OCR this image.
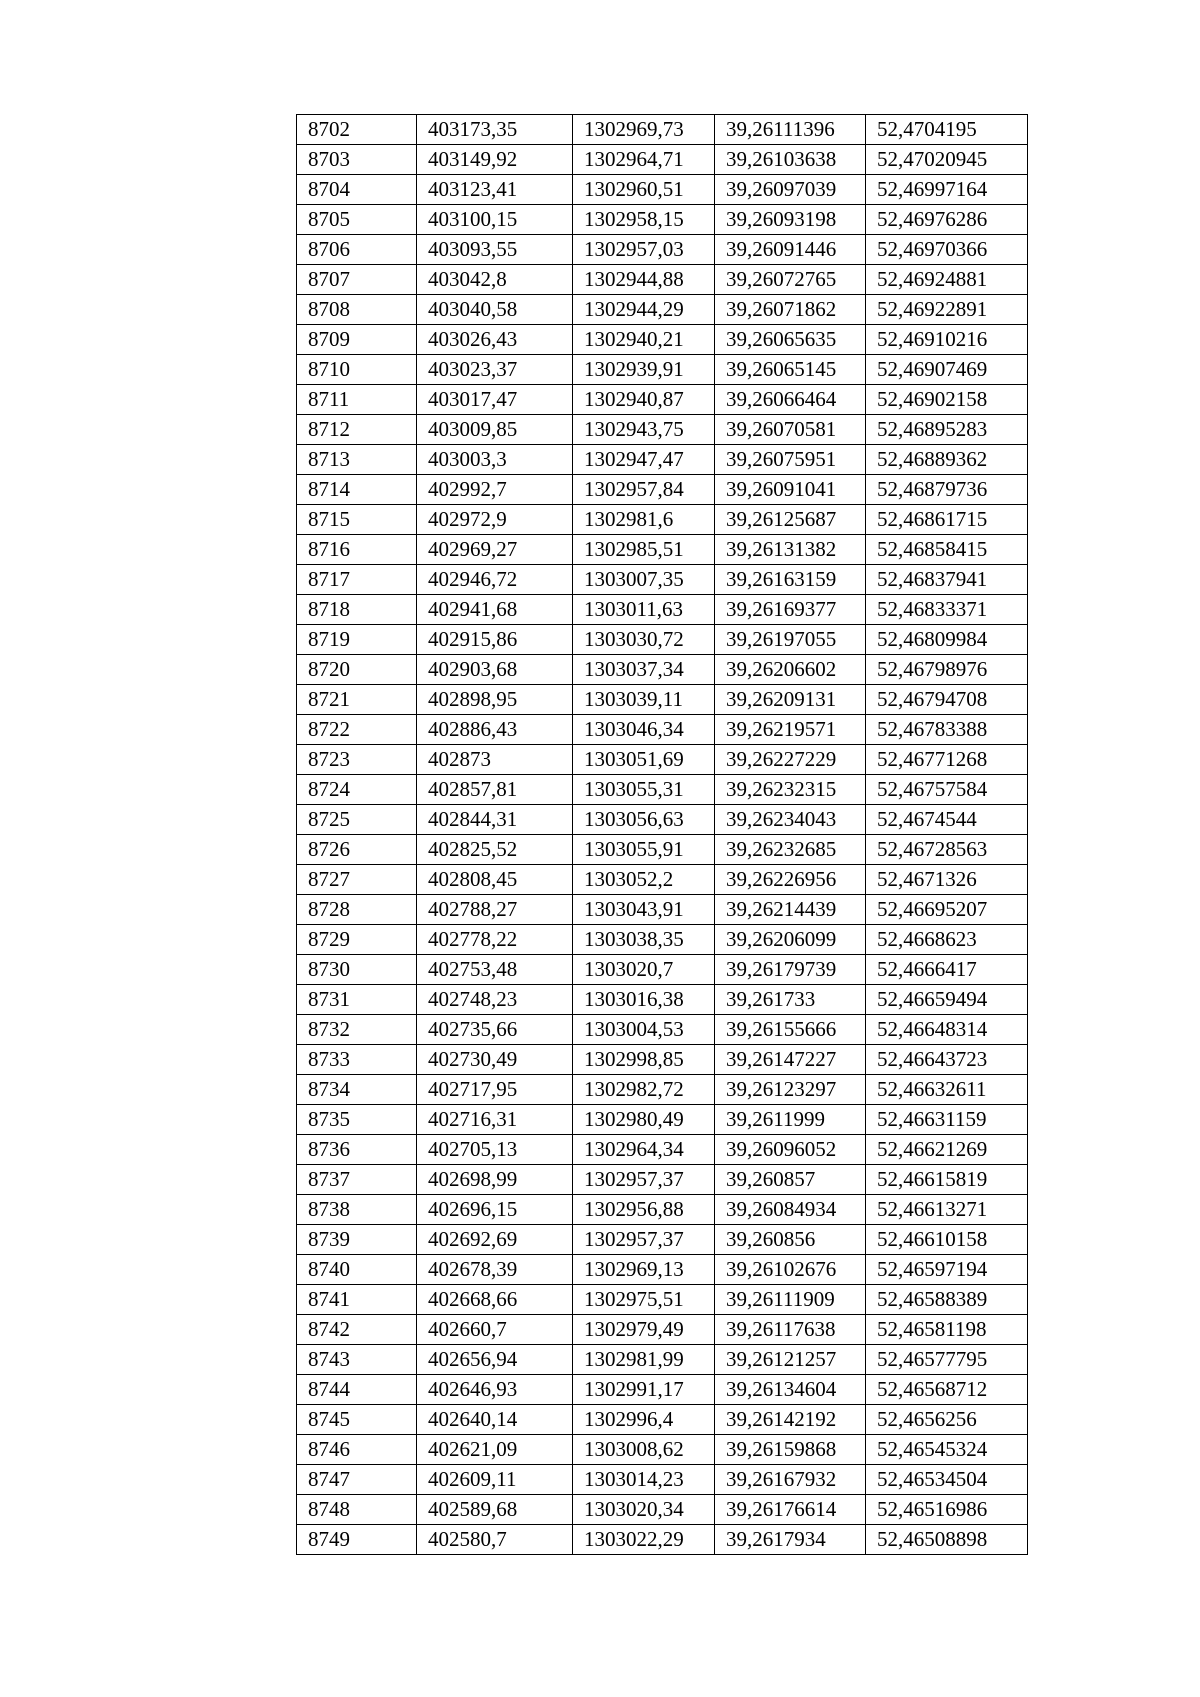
8702	403173,35	1302969,73	39,26111396	52,4704195
8703	403149,92	1302964,71	39,26103638	52,47020945
8704	403123,41	1302960,51	39,26097039	52,46997164
8705	403100,15	1302958,15	39,26093198	52,46976286
8706	403093,55	1302957,03	39,26091446	52,46970366
8707	403042,8	1302944,88	39,26072765	52,46924881
8708	403040,58	1302944,29	39,26071862	52,46922891
8709	403026,43	1302940,21	39,26065635	52,46910216
8710	403023,37	1302939,91	39,26065145	52,46907469
8711	403017,47	1302940,87	39,26066464	52,46902158
8712	403009,85	1302943,75	39,26070581	52,46895283
8713	403003,3	1302947,47	39,26075951	52,46889362
8714	402992,7	1302957,84	39,26091041	52,46879736
8715	402972,9	1302981,6	39,26125687	52,46861715
8716	402969,27	1302985,51	39,26131382	52,46858415
8717	402946,72	1303007,35	39,26163159	52,46837941
8718	402941,68	1303011,63	39,26169377	52,46833371
8719	402915,86	1303030,72	39,26197055	52,46809984
8720	402903,68	1303037,34	39,26206602	52,46798976
8721	402898,95	1303039,11	39,26209131	52,46794708
8722	402886,43	1303046,34	39,26219571	52,46783388
8723	402873	1303051,69	39,26227229	52,46771268
8724	402857,81	1303055,31	39,26232315	52,46757584
8725	402844,31	1303056,63	39,26234043	52,4674544
8726	402825,52	1303055,91	39,26232685	52,46728563
8727	402808,45	1303052,2	39,26226956	52,4671326
8728	402788,27	1303043,91	39,26214439	52,46695207
8729	402778,22	1303038,35	39,26206099	52,4668623
8730	402753,48	1303020,7	39,26179739	52,4666417
8731	402748,23	1303016,38	39,261733	52,46659494
8732	402735,66	1303004,53	39,26155666	52,46648314
8733	402730,49	1302998,85	39,26147227	52,46643723
8734	402717,95	1302982,72	39,26123297	52,46632611
8735	402716,31	1302980,49	39,2611999	52,46631159
8736	402705,13	1302964,34	39,26096052	52,46621269
8737	402698,99	1302957,37	39,260857	52,46615819
8738	402696,15	1302956,88	39,26084934	52,46613271
8739	402692,69	1302957,37	39,260856	52,46610158
8740	402678,39	1302969,13	39,26102676	52,46597194
8741	402668,66	1302975,51	39,26111909	52,46588389
8742	402660,7	1302979,49	39,26117638	52,46581198
8743	402656,94	1302981,99	39,26121257	52,46577795
8744	402646,93	1302991,17	39,26134604	52,46568712
8745	402640,14	1302996,4	39,26142192	52,4656256
8746	402621,09	1303008,62	39,26159868	52,46545324
8747	402609,11	1303014,23	39,26167932	52,46534504
8748	402589,68	1303020,34	39,26176614	52,46516986
8749	402580,7	1303022,29	39,2617934	52,46508898
